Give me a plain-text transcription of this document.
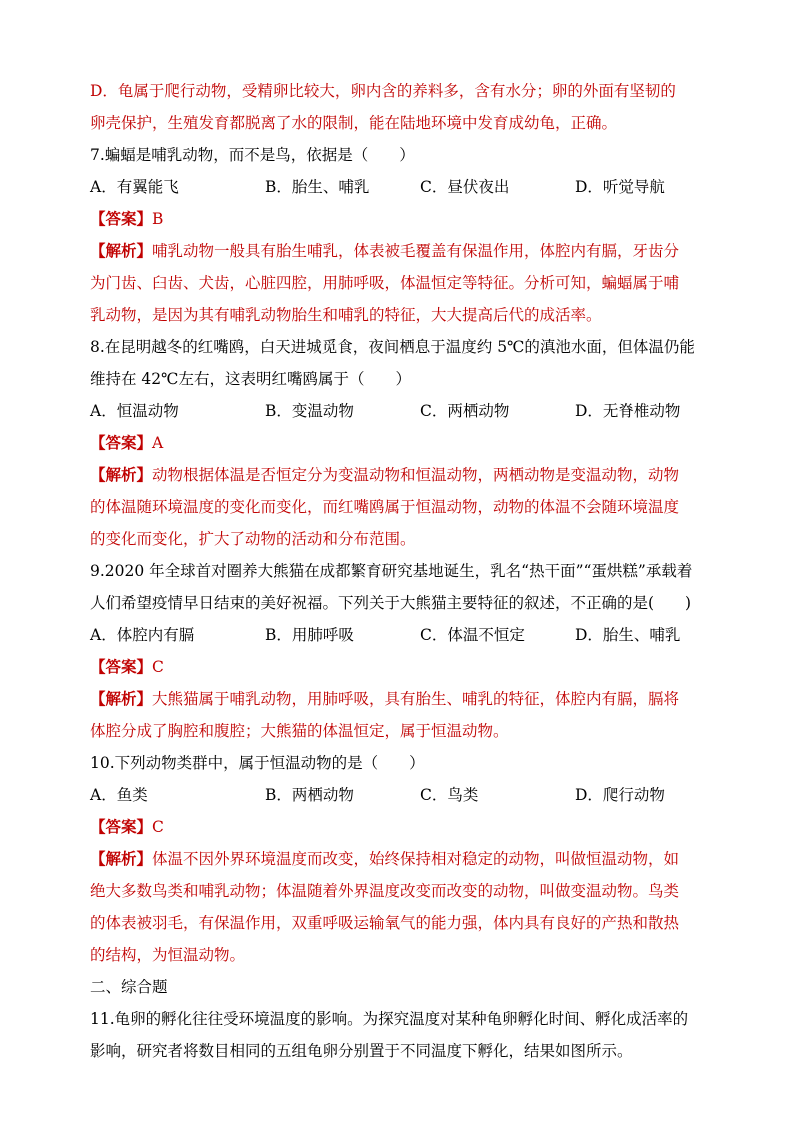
D．龟属于爬行动物，受精卵比较大，卵内含的养料多，含有水分；卵的外面有坚韧的
卵壳保护，生殖发育都脱离了水的限制，能在陆地环境中发育成幼龟，正确。
7.蝙蝠是哺乳动物，而不是鸟，依据是（　　）
A．有翼能飞	B．胎生、哺乳	C．昼伏夜出	D．听觉导航
【答案】B
【解析】哺乳动物一般具有胎生哺乳，体表被毛覆盖有保温作用，体腔内有膈，牙齿分
为门齿、臼齿、犬齿，心脏四腔，用肺呼吸，体温恒定等特征。分析可知，蝙蝠属于哺
乳动物，是因为其有哺乳动物胎生和哺乳的特征，大大提高后代的成活率。
8.在昆明越冬的红嘴鸥，白天进城觅食，夜间栖息于温度约 5℃的滇池水面，但体温仍能
维持在 42℃左右，这表明红嘴鸥属于（　　）
A．恒温动物	B．变温动物	C．两栖动物	D．无脊椎动物
【答案】A
【解析】动物根据体温是否恒定分为变温动物和恒温动物，两栖动物是变温动物，动物
的体温随环境温度的变化而变化，而红嘴鸥属于恒温动物，动物的体温不会随环境温度
的变化而变化，扩大了动物的活动和分布范围。
9.2020 年全球首对圈养大熊猫在成都繁育研究基地诞生，乳名“热干面”“蛋烘糕”承载着
人们希望疫情早日结束的美好祝福。下列关于大熊猫主要特征的叙述，不正确的是(　　)
A．体腔内有膈	B．用肺呼吸	C．体温不恒定	D．胎生、哺乳
【答案】C
【解析】大熊猫属于哺乳动物，用肺呼吸，具有胎生、哺乳的特征，体腔内有膈，膈将
体腔分成了胸腔和腹腔；大熊猫的体温恒定，属于恒温动物。
10.下列动物类群中，属于恒温动物的是（　　）
A．鱼类	B．两栖动物	C．鸟类	D．爬行动物
【答案】C
【解析】体温不因外界环境温度而改变，始终保持相对稳定的动物，叫做恒温动物，如
绝大多数鸟类和哺乳动物；体温随着外界温度改变而改变的动物，叫做变温动物。鸟类
的体表被羽毛，有保温作用，双重呼吸运输氧气的能力强，体内具有良好的产热和散热
的结构，为恒温动物。
二、综合题
11.龟卵的孵化往往受环境温度的影响。为探究温度对某种龟卵孵化时间、孵化成活率的
影响，研究者将数目相同的五组龟卵分别置于不同温度下孵化，结果如图所示。
